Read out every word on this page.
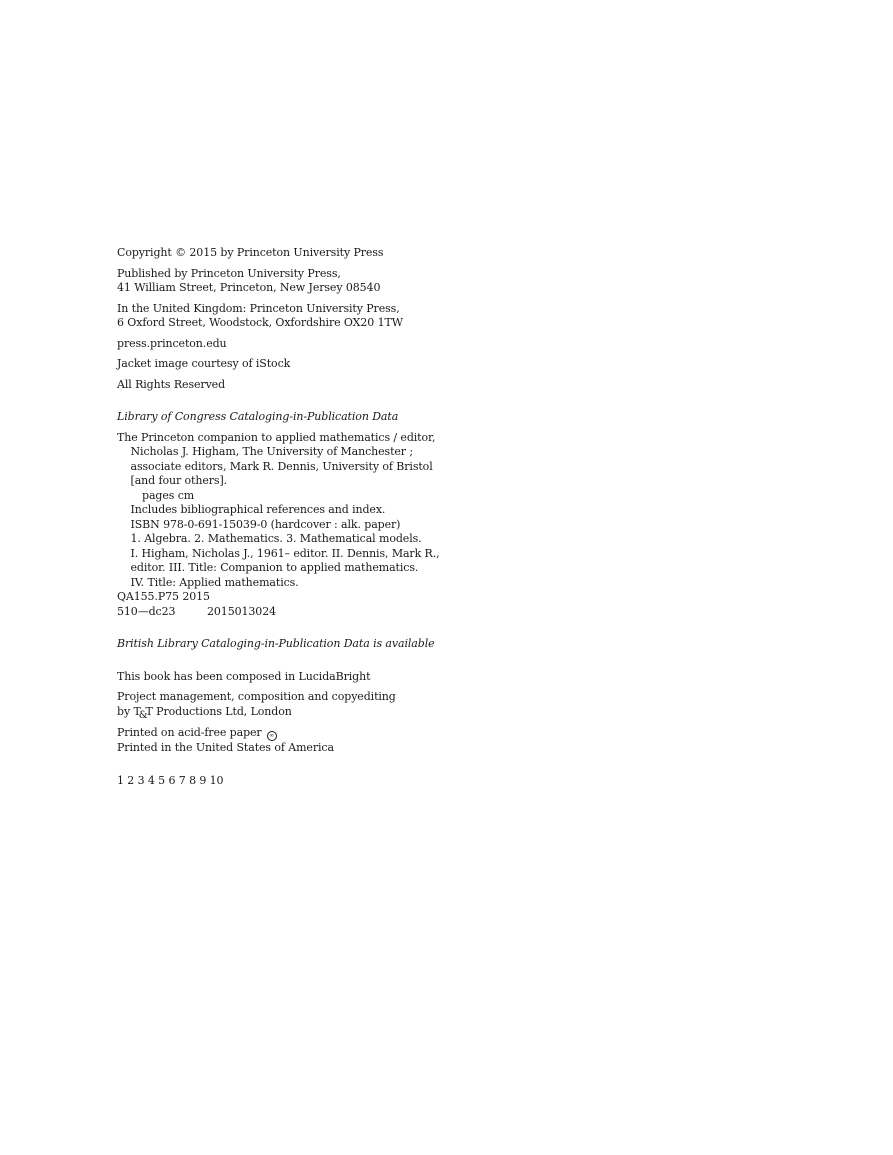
Copyright © 2015 by Princeton University Press
Published by Princeton University Press,
41 William Street, Princeton, New Jersey 08540
In the United Kingdom: Princeton University Press,
6 Oxford Street, Woodstock, Oxfordshire OX20 1TW
press.princeton.edu
Jacket image courtesy of iStock
All Rights Reserved
Library of Congress Cataloging-in-Publication Data
The Princeton companion to applied mathematics / editor,
Nicholas J. Higham, The University of Manchester ;
associate editors, Mark R. Dennis, University of Bristol
[and four others].
pages cm
Includes bibliographical references and index.
ISBN 978-0-691-15039-0 (hardcover : alk. paper)
1. Algebra. 2. Mathematics. 3. Mathematical models.
I. Higham, Nicholas J., 1961– editor. II. Dennis, Mark R.,
editor. III. Title: Companion to applied mathematics.
IV. Title: Applied mathematics.
QA155.P75 2015
510—dc23	2015013024
British Library Cataloging-in-Publication Data is available
This book has been composed in LucidaBright
Project management, composition and copyediting
by T&T Productions Ltd, London
Printed on acid-free paper ∞
Printed in the United States of America
1 2 3 4 5 6 7 8 9 10
